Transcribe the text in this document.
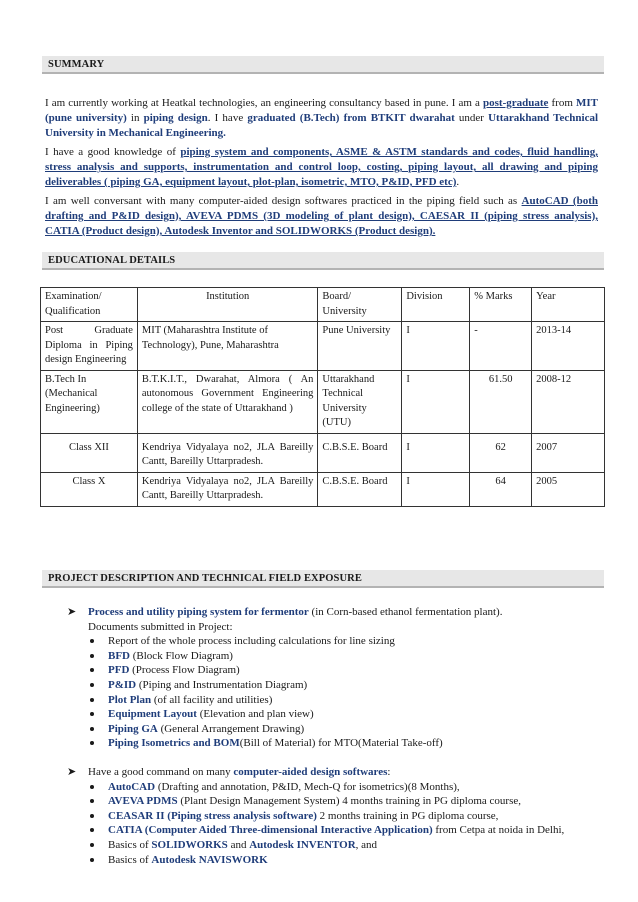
SUMMARY
I am currently working at Heatkal technologies, an engineering consultancy based in pune. I am a post-graduate from MIT (pune university) in piping design. I have graduated (B.Tech) from BTKIT dwarahat under Uttarakhand Technical University in Mechanical Engineering.
I have a good knowledge of piping system and components, ASME & ASTM standards and codes, fluid handling, stress analysis and supports, instrumentation and control loop, costing, piping layout, all drawing and piping deliverables ( piping GA, equipment layout, plot-plan, isometric, MTO, P&ID, PFD etc).
I am well conversant with many computer-aided design softwares practiced in the piping field such as AutoCAD (both drafting and P&ID design), AVEVA PDMS (3D modeling of plant design), CAESAR II (piping stress analysis), CATIA (Product design), Autodesk Inventor and SOLIDWORKS (Product design).
EDUCATIONAL DETAILS
Examination/ Qualification	Institution	Board/ University	Division	% Marks	Year
Post Graduate Diploma in Piping design Engineering	MIT (Maharashtra Institute of Technology), Pune, Maharashtra	Pune University	I	-	2013-14
B.Tech In (Mechanical Engineering)	B.T.K.I.T., Dwarahat, Almora ( An autonomous Government Engineering college of the state of Uttarakhand )	Uttarakhand Technical University (UTU)	I	61.50	2008-12
Class XII	Kendriya Vidyalaya no2, JLA Bareilly Cantt, Bareilly Uttarpradesh.	C.B.S.E. Board	I	62	2007
Class X	Kendriya Vidyalaya no2, JLA Bareilly Cantt, Bareilly Uttarpradesh.	C.B.S.E. Board	I	64	2005
PROJECT DESCRIPTION AND TECHNICAL FIELD EXPOSURE
➤ Process and utility piping system for fermentor (in Corn-based ethanol fermentation plant).
Documents submitted in Project:
Report of the whole process including calculations for line sizing
BFD (Block Flow Diagram)
PFD (Process Flow Diagram)
P&ID (Piping and Instrumentation Diagram)
Plot Plan (of all facility and utilities)
Equipment Layout (Elevation and plan view)
Piping GA (General Arrangement Drawing)
Piping Isometrics and BOM(Bill of Material) for MTO(Material Take-off)
➤ Have a good command on many computer-aided design softwares:
AutoCAD (Drafting and annotation, P&ID, Mech-Q for isometrics)(8 Months),
AVEVA PDMS (Plant Design Management System) 4 months training in PG diploma course,
CEASAR II (Piping stress analysis software) 2 months training in PG diploma course,
CATIA (Computer Aided Three-dimensional Interactive Application) from Cetpa at noida in Delhi,
Basics of SOLIDWORKS and Autodesk INVENTOR, and
Basics of Autodesk NAVISWORK
